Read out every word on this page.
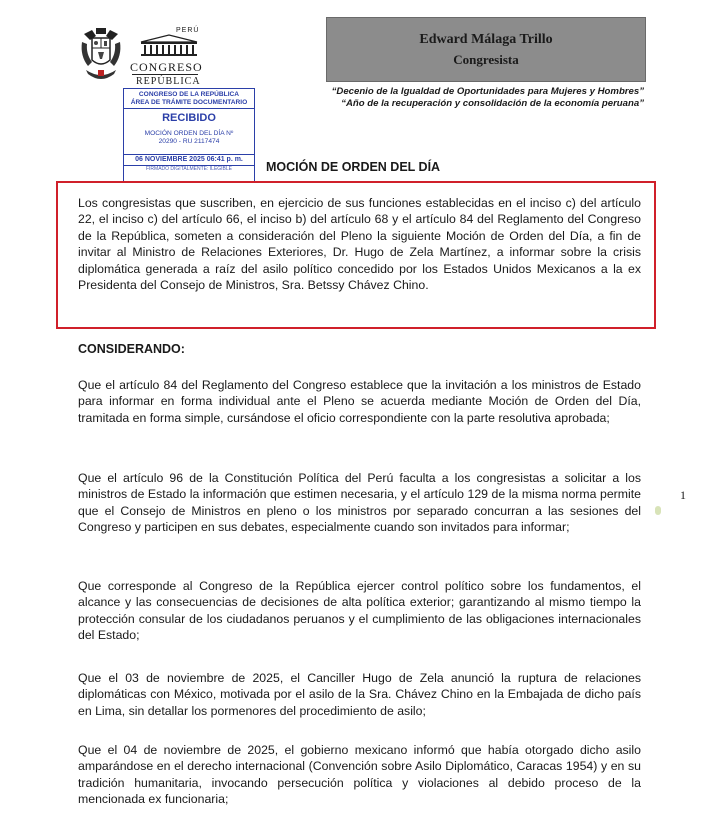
PERÚ
CONGRESO
REPÚBLICA
Edward Málaga Trillo
Congresista
“Decenio de la Igualdad de Oportunidades para Mujeres y Hombres”
“Año de la recuperación y consolidación de la economía peruana”
CONGRESO DE LA REPÚBLICA
ÁREA DE TRÁMITE DOCUMENTARIO
RECIBIDO
MOCIÓN ORDEN DEL DÍA Nº
20290 - RU 2117474
06 NOVIEMBRE 2025 06:41 p. m.
FIRMADO DIGITALMENTE: ILEGIBLE	MOCIÓN DE ORDEN DEL DÍA
Los congresistas que suscriben, en ejercicio de sus funciones establecidas en el inciso c) del artículo 22, el inciso c) del artículo 66, el inciso b) del artículo 68 y el artículo 84 del Reglamento del Congreso de la República, someten a consideración del Pleno la siguiente Moción de Orden del Día, a fin de invitar al Ministro de Relaciones Exteriores, Dr. Hugo de Zela Martínez, a informar sobre la crisis diplomática generada a raíz del asilo político concedido por los Estados Unidos Mexicanos a la ex Presidenta del Consejo de Ministros, Sra. Betssy Chávez Chino.
CONSIDERANDO:
Que el artículo 84 del Reglamento del Congreso establece que la invitación a los ministros de Estado para informar en forma individual ante el Pleno se acuerda mediante Moción de Orden del Día, tramitada en forma simple, cursándose el oficio correspondiente con la parte resolutiva aprobada;
Que el artículo 96 de la Constitución Política del Perú faculta a los congresistas a solicitar a los ministros de Estado la información que estimen necesaria, y el artículo 129 de la misma norma permite que el Consejo de Ministros en pleno o los ministros por separado concurran a las sesiones del Congreso y participen en sus debates, especialmente cuando son invitados para informar;
Que corresponde al Congreso de la República ejercer control político sobre los fundamentos, el alcance y las consecuencias de decisiones de alta política exterior; garantizando al mismo tiempo la protección consular de los ciudadanos peruanos y el cumplimiento de las obligaciones internacionales del Estado;
Que el 03 de noviembre de 2025, el Canciller Hugo de Zela anunció la ruptura de relaciones diplomáticas con México, motivada por el asilo de la Sra. Chávez Chino en la Embajada de dicho país en Lima, sin detallar los pormenores del procedimiento de asilo;
Que el 04 de noviembre de 2025, el gobierno mexicano informó que había otorgado dicho asilo amparándose en el derecho internacional (Convención sobre Asilo Diplomático, Caracas 1954) y en su tradición humanitaria, invocando persecución política y violaciones al debido proceso de la mencionada ex funcionaria;
1
